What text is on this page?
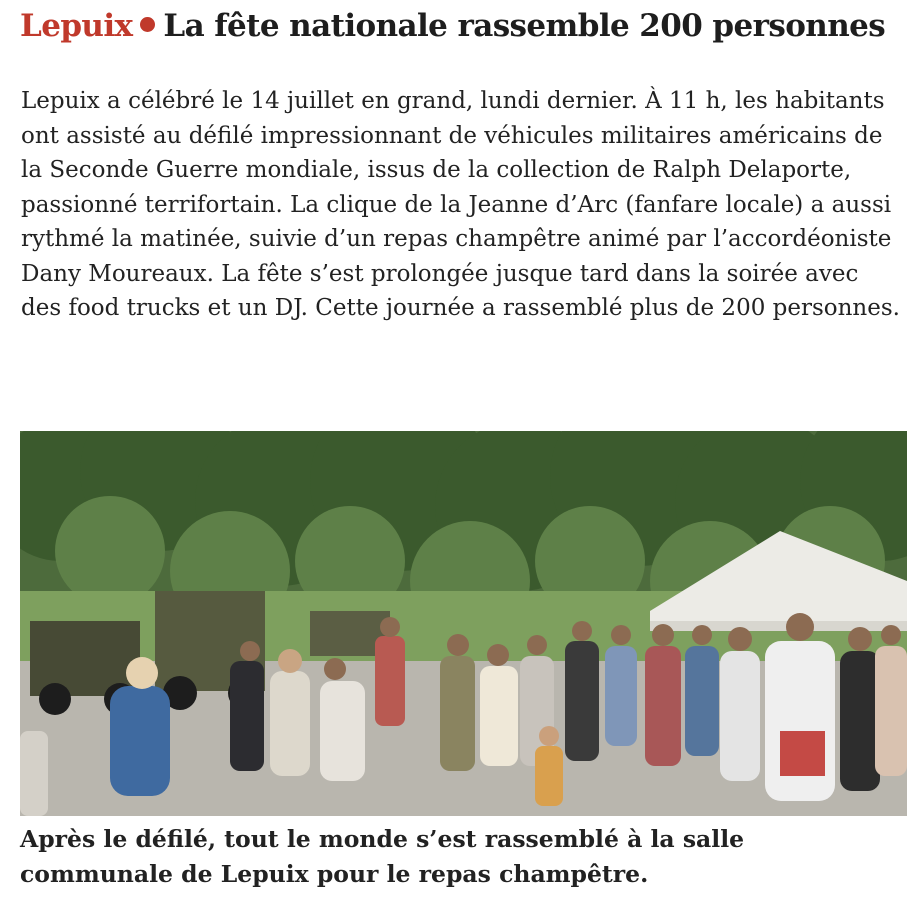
Lepuix La fête nationale rassemble 200 personnes

Lepuix a célébré le 14 juillet en grand, lundi dernier. À 11 h, les habitants ont assisté au défilé impressionnant de véhicules militaires américains de la Seconde Guerre mondiale, issus de la collection de Ralph Delaporte, passionné terrifortain. La clique de la Jeanne d’Arc (fanfare locale) a aussi rythmé la matinée, suivie d’un repas champêtre animé par l’accordéoniste Dany Moureaux. La fête s’est prolongée jusque tard dans la soirée avec des food trucks et un DJ. Cette journée a rassemblé plus de 200 personnes.

Après le défilé, tout le monde s’est rassemblé à la salle communale de Lepuix pour le repas champêtre.
